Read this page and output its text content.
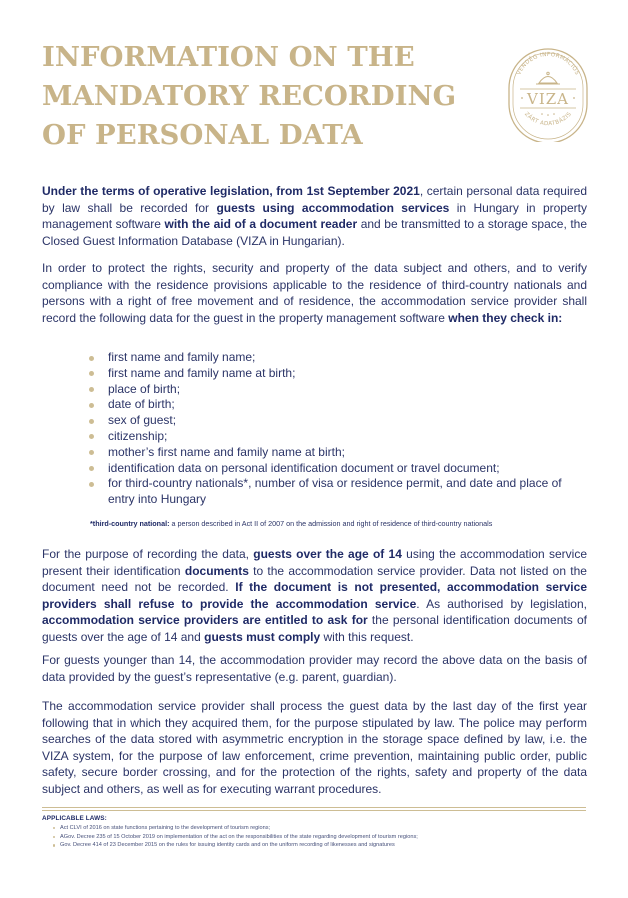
INFORMATION ON THE
MANDATORY RECORDING
OF PERSONAL DATA
VENDÉG INFORMÁCIÓS
ZÁRT ADATBÁZIS
VIZA

Under the terms of operative legislation, from 1st September 2021, certain personal data required by law shall be recorded for guests using accommodation services in Hungary in property management software with the aid of a document reader and be transmitted to a storage space, the Closed Guest Information Database (VIZA in Hungarian).

In order to protect the rights, security and property of the data subject and others, and to verify compliance with the residence provisions applicable to the residence of third-country nationals and persons with a right of free movement and of residence, the accommodation service provider shall record the following data for the guest in the property management software when they check in:

first name and family name;
first name and family name at birth;
place of birth;
date of birth;
sex of guest;
citizenship;
mother’s first name and family name at birth;
identification data on personal identification document or travel document;
for third-country nationals*, number of visa or residence permit, and date and place of entry into Hungary
*third-country national: a person described in Act II of 2007 on the admission and right of residence of third-country nationals

For the purpose of recording the data, guests over the age of 14 using the accommodation service present their identification documents to the accommodation service provider. Data not listed on the document need not be recorded. If the document is not presented, accommodation service providers shall refuse to provide the accommodation service. As authorised by legislation, accommodation service providers are entitled to ask for the personal identification documents of guests over the age of 14 and guests must comply with this request.

For guests younger than 14, the accommodation provider may record the above data on the basis of data provided by the guest’s representative (e.g. parent, guardian).

The accommodation service provider shall process the guest data by the last day of the first year following that in which they acquired them, for the purpose stipulated by law. The police may perform searches of the data stored with asymmetric encryption in the storage space defined by law, i.e. the VIZA system, for the purpose of law enforcement, crime prevention, maintaining public order, public safety, secure border crossing, and for the protection of the rights, safety and property of the data subject and others, as well as for executing warrant procedures.

APPLICABLE LAWS:
Act CLVI of 2016 on state functions pertaining to the development of tourism regions;
AGov. Decree 235 of 15 October 2019 on implementation of the act on the responsibilities of the state regarding development of tourism regions;
Gov. Decree 414 of 23 December 2015 on the rules for issuing identity cards and on the uniform recording of likenesses and signatures
